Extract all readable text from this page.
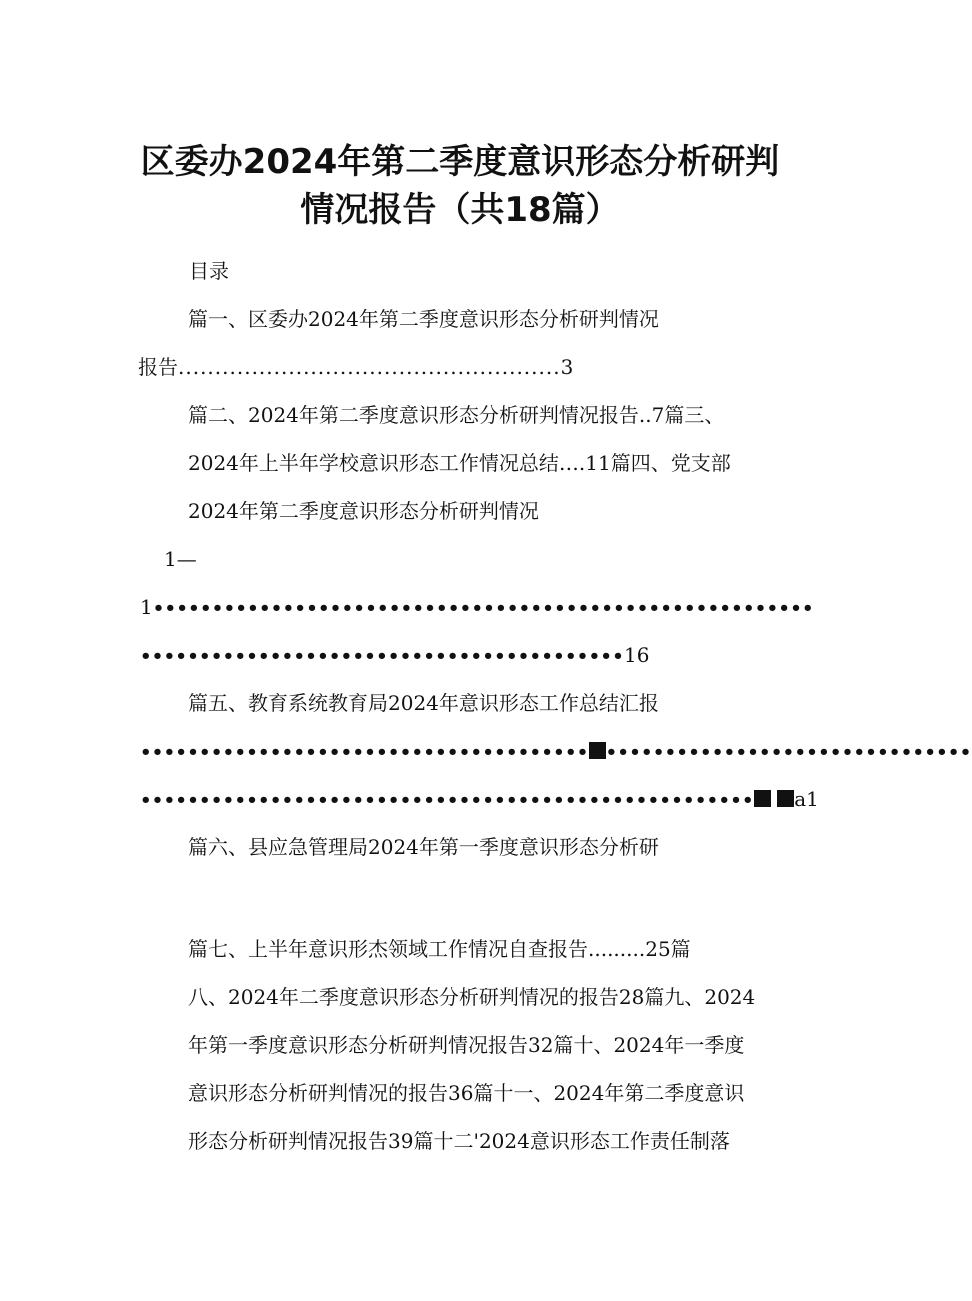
区委办2024年第二季度意识形态分析研判
情况报告（共18篇）
目录
篇一、区委办2024年第二季度意识形态分析研判情况
报告....................................................3
篇二、2024年第二季度意识形态分析研判情况报告..7篇三、
2024年上半年学校意识形态工作情况总结….11篇四、党支部
2024年第二季度意识形态分析研判情况
1—
1••••••••••••••••••••••••••••••••••••••••••••••••••••••••
•••••••••••••••••••••••••••••••••••••••••16
篇五、教育系统教育局2024年意识形态工作总结汇报
•••••••••••••••••••••••••••••••••••••• •••••••••••••••••••••••••••••••
•••••••••••••••••••••••••••••••••••••••••••••••••••• a1
篇六、县应急管理局2024年第一季度意识形态分析研
篇七、上半年意识形杰领域工作情况自查报告.........25篇
八、2024年二季度意识形态分析研判情况的报告28篇九、2024
年第一季度意识形态分析研判情况报告32篇十、2024年一季度
意识形态分析研判情况的报告36篇十一、2024年第二季度意识
形态分析研判情况报告39篇十二'2024意识形态工作责任制落
